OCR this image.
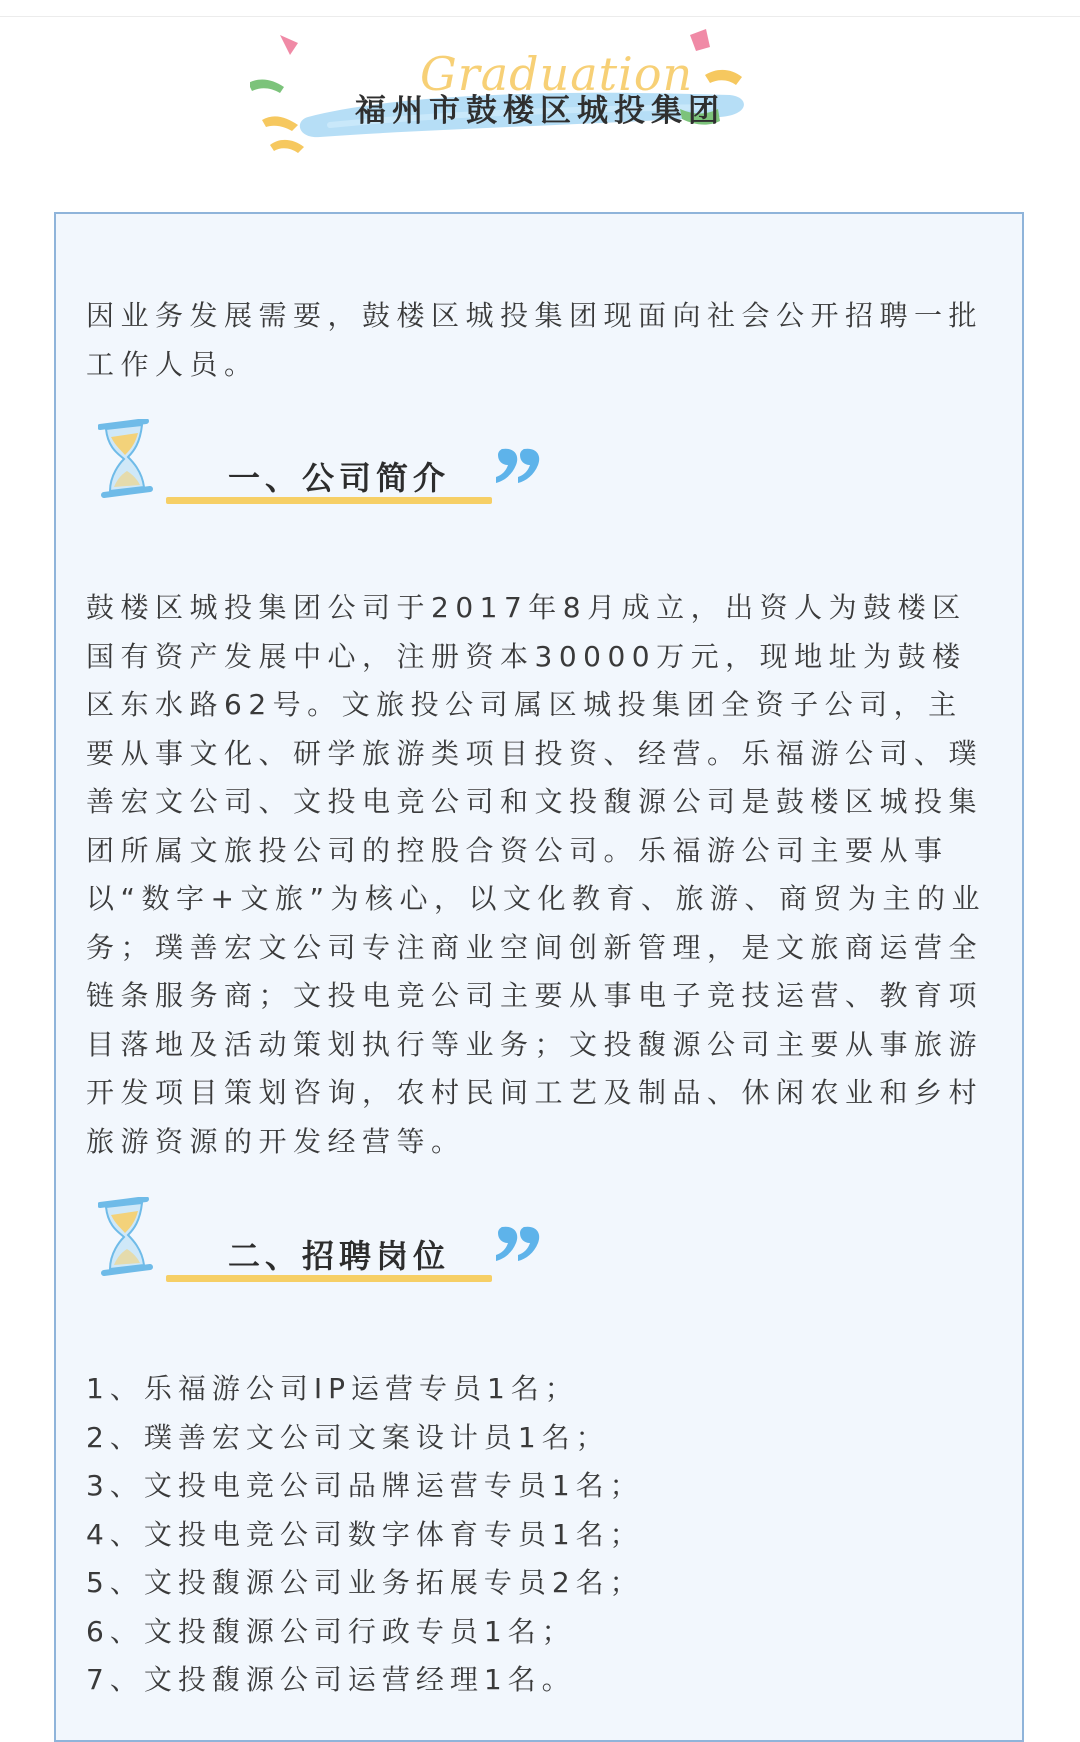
Graduation
福州市鼓楼区城投集团

因业务发展需要，鼓楼区城投集团现面向社会公开招聘一批工作人员。

一、公司简介

鼓楼区城投集团公司于2017年8月成立，出资人为鼓楼区国有资产发展中心，注册资本30000万元，现地址为鼓楼区东水路62号。文旅投公司属区城投集团全资子公司，主要从事文化、研学旅游类项目投资、经营。乐福游公司、璞善宏文公司、文投电竞公司和文投馥源公司是鼓楼区城投集团所属文旅投公司的控股合资公司。乐福游公司主要从事以“数字+文旅”为核心，以文化教育、旅游、商贸为主的业务；璞善宏文公司专注商业空间创新管理，是文旅商运营全链条服务商；文投电竞公司主要从事电子竞技运营、教育项目落地及活动策划执行等业务；文投馥源公司主要从事旅游开发项目策划咨询，农村民间工艺及制品、休闲农业和乡村旅游资源的开发经营等。

二、招聘岗位
1、乐福游公司IP运营专员1名；
2、璞善宏文公司文案设计员1名；
3、文投电竞公司品牌运营专员1名；
4、文投电竞公司数字体育专员1名；
5、文投馥源公司业务拓展专员2名；
6、文投馥源公司行政专员1名；
7、文投馥源公司运营经理1名。
